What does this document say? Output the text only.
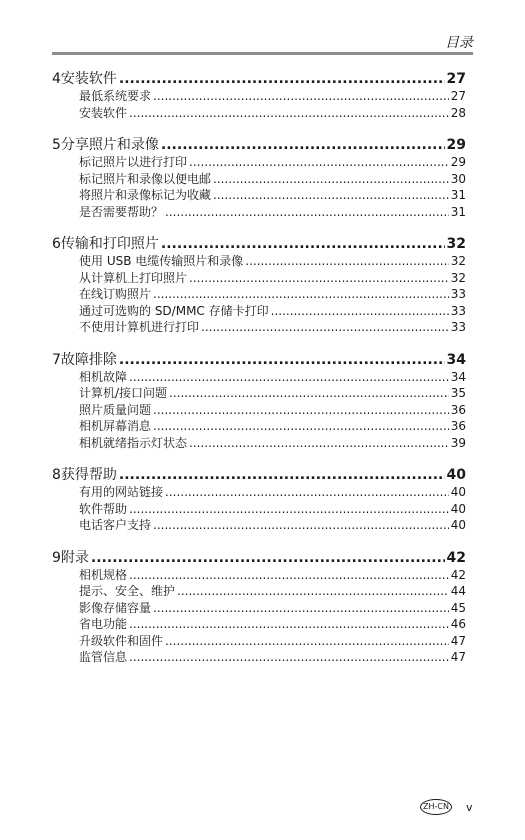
目录
4 安装软件 .....	27
最低系统要求 .....	27
安装软件 .....	28
5 分享照片和录像 .....	29
标记照片以进行打印 .....	29
标记照片和录像以便电邮 .....	30
将照片和录像标记为收藏 .....	31
是否需要帮助？ .....	31
6 传输和打印照片 .....	32
使用 USB 电缆传输照片和录像 .....	32
从计算机上打印照片 .....	32
在线订购照片 .....	33
通过可选购的 SD/MMC 存储卡打印 .....	33
不使用计算机进行打印 .....	33
7 故障排除 .....	34
相机故障 .....	34
计算机/接口问题 .....	35
照片质量问题 .....	36
相机屏幕消息 .....	36
相机就绪指示灯状态 .....	39
8 获得帮助 .....	40
有用的网站链接 .....	40
软件帮助 .....	40
电话客户支持 .....	40
9 附录 .....	42
相机规格 .....	42
提示、安全、维护 .....	44
影像存储容量 .....	45
省电功能 .....	46
升级软件和固件 .....	47
监管信息 .....	47
ZH-CN v
